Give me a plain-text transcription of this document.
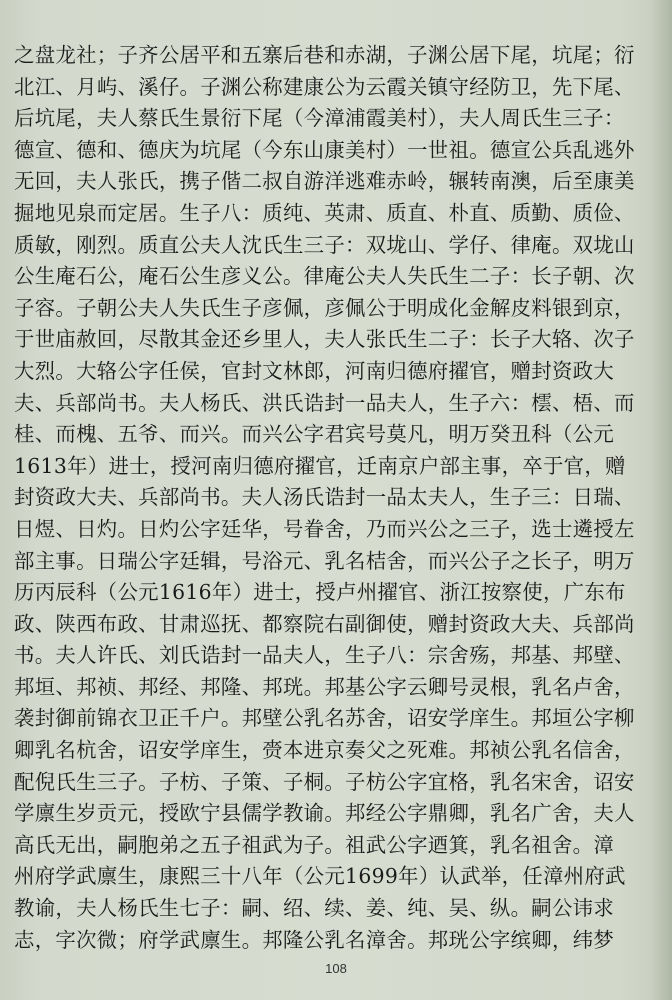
之盘龙社；子齐公居平和五寨后巷和赤湖，子渊公居下尾，坑尾；衍
北江、月屿、溪仔。子渊公称建康公为云霞关镇守经防卫，先下尾、
后坑尾，夫人蔡氏生景衍下尾（今漳浦霞美村），夫人周氏生三子：
德宣、德和、德庆为坑尾（今东山康美村）一世祖。德宣公兵乱逃外
无回，夫人张氏，携子偕二叔自游洋逃难赤岭，辗转南澳，后至康美
掘地见泉而定居。生子八：质纯、英肃、质直、朴直、质勤、质俭、
质敏，刚烈。质直公夫人沈氏生三子：双垅山、学仔、律庵。双垅山
公生庵石公，庵石公生彦义公。律庵公夫人失氏生二子：长子朝、次
子容。子朝公夫人失氏生子彦佩，彦佩公于明成化金解皮料银到京，
于世庙赦回，尽散其金还乡里人，夫人张氏生二子：长子大辂、次子
大烈。大辂公字任侯，官封文林郎，河南归德府擢官，赠封资政大
夫、兵部尚书。夫人杨氏、洪氏诰封一品夫人，生子六：橒、梧、而
桂、而槐、五爷、而兴。而兴公字君宾号莫凡，明万癸丑科（公元
1613年）进士，授河南归德府擢官，迁南京户部主事，卒于官，赠
封资政大夫、兵部尚书。夫人汤氏诰封一品太夫人，生子三：日瑞、
日煜、日灼。日灼公字廷华，号眷舍，乃而兴公之三子，选士遴授左
部主事。日瑞公字廷辑，号浴元、乳名桔舍，而兴公子之长子，明万
历丙辰科（公元1616年）进士，授卢州擢官、浙江按察使，广东布
政、陕西布政、甘肃巡抚、都察院右副御使，赠封资政大夫、兵部尚
书。夫人许氏、刘氏诰封一品夫人，生子八：宗舍殇，邦基、邦壁、
邦垣、邦祯、邦经、邦隆、邦珖。邦基公字云卿号灵根，乳名卢舍，
袭封御前锦衣卫正千户。邦壁公乳名苏舍，诏安学庠生。邦垣公字柳
卿乳名杭舍，诏安学庠生，赍本进京奏父之死难。邦祯公乳名信舍，
配倪氏生三子。子枋、子策、子桐。子枋公字宜格，乳名宋舍，诏安
学廪生岁贡元，授欧宁县儒学教谕。邦经公字鼎卿，乳名广舍，夫人
高氏无出，嗣胞弟之五子祖武为子。祖武公字迺箕，乳名祖舍。漳
州府学武廪生，康熙三十八年（公元1699年）认武举，任漳州府武
教谕，夫人杨氏生七子：嗣、绍、续、姜、纯、吴、纵。嗣公讳求
志，字次微；府学武廪生。邦隆公乳名漳舍。邦珖公字缤卿，纬梦
108
